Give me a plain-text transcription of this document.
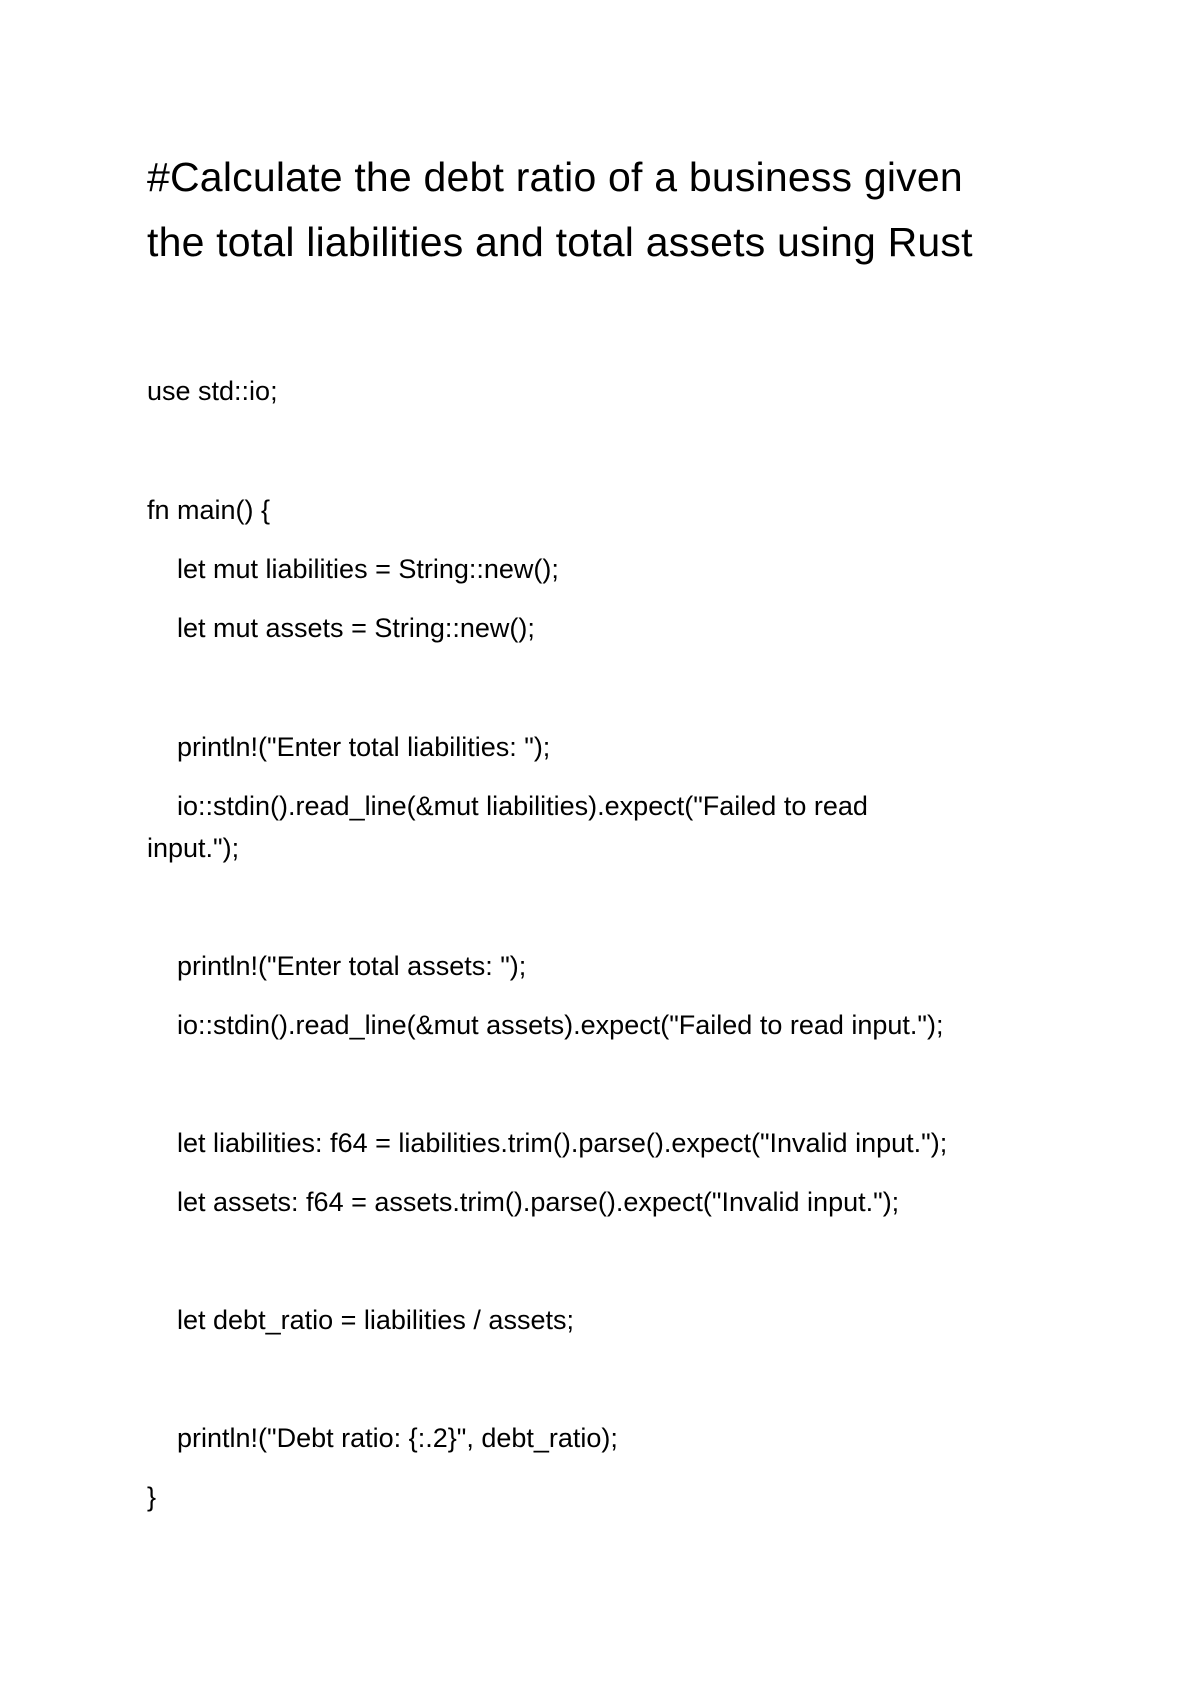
#Calculate the debt ratio of a business given
the total liabilities and total assets using Rust
use std::io;
fn main() {
let mut liabilities = String::new();
let mut assets = String::new();
println!("Enter total liabilities: ");
io::stdin().read_line(&mut liabilities).expect("Failed to read
input.");
println!("Enter total assets: ");
io::stdin().read_line(&mut assets).expect("Failed to read input.");
let liabilities: f64 = liabilities.trim().parse().expect("Invalid input.");
let assets: f64 = assets.trim().parse().expect("Invalid input.");
let debt_ratio = liabilities / assets;
println!("Debt ratio: {:.2}", debt_ratio);
}
